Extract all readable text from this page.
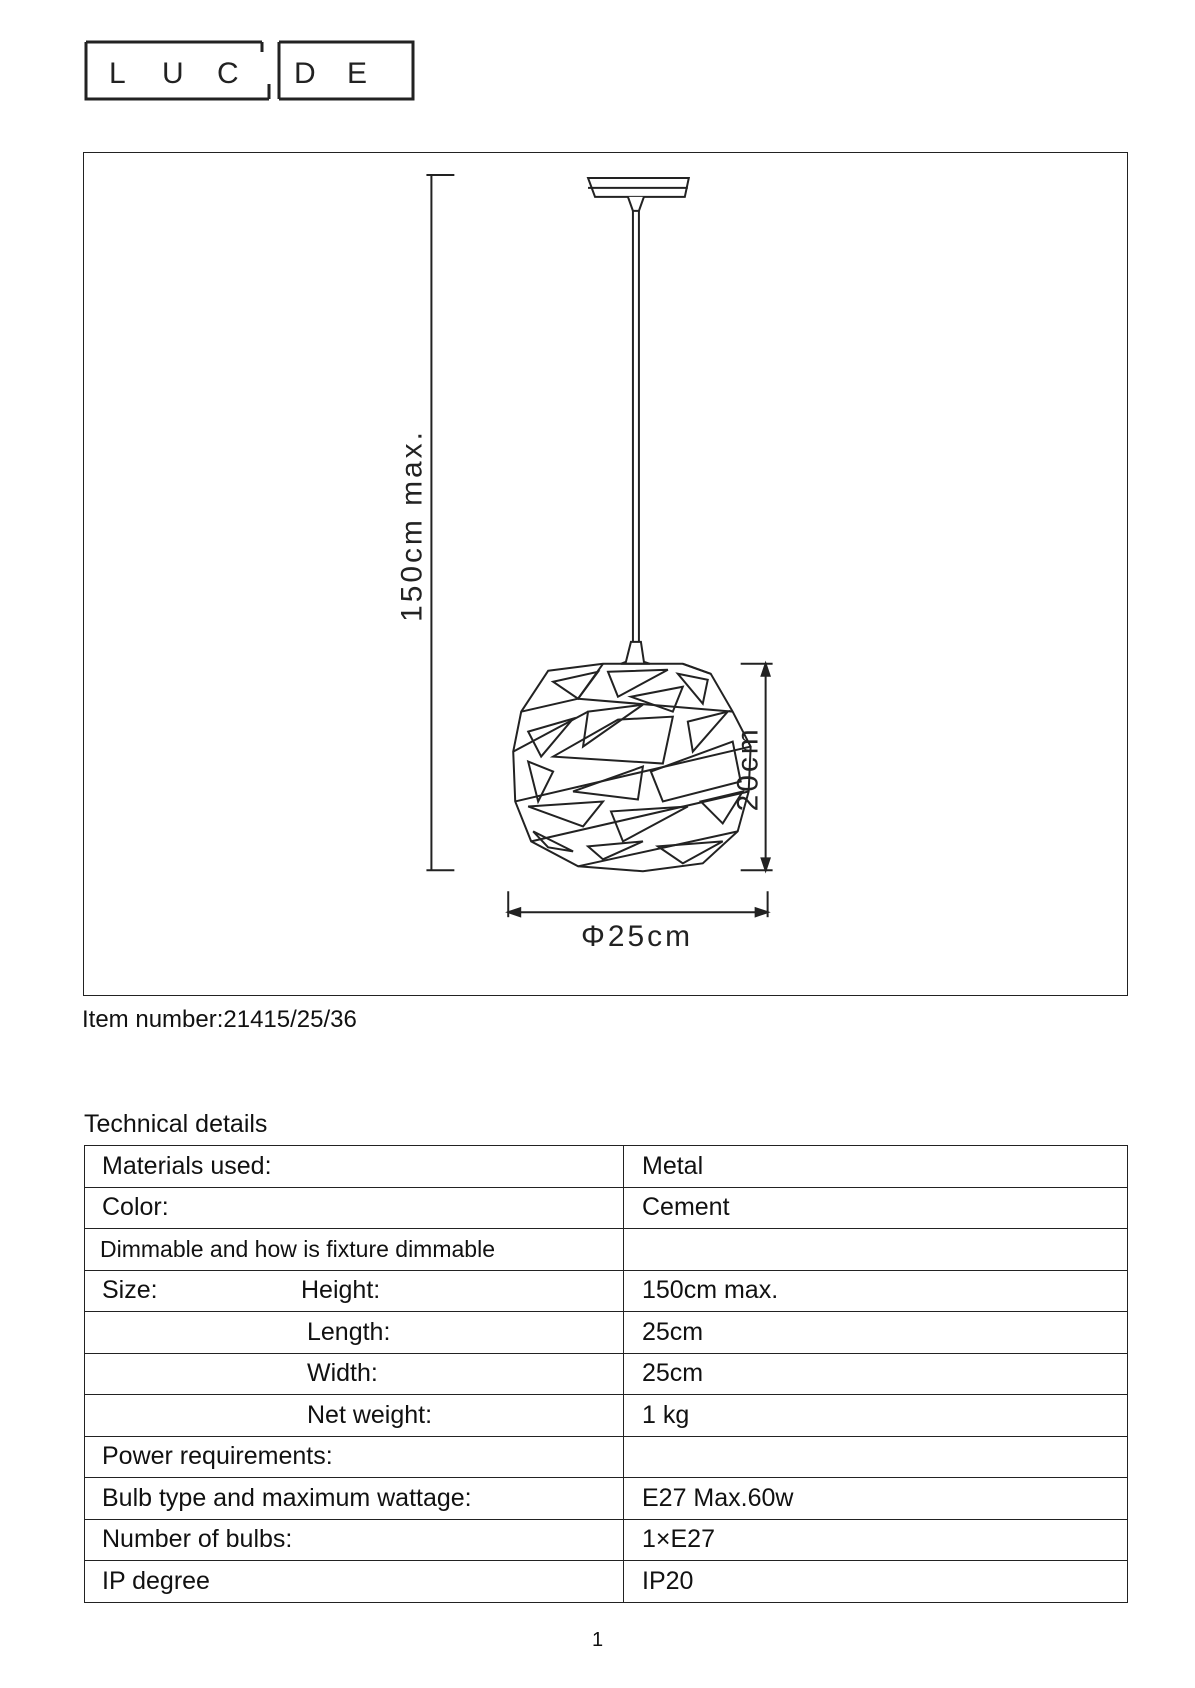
L U C D E
150cm max.
20cm
Φ25cm
Item number:21415/25/36
Technical details
Materials used:	Metal
Color:	Cement
Dimmable and how is fixture dimmable	
Size: Height:	150cm max.
Length:	25cm
Width:	25cm
Net weight:	1 kg
Power requirements:	
Bulb type and maximum wattage:	E27 Max.60w
Number of bulbs:	1×E27
IP degree	IP20
1
